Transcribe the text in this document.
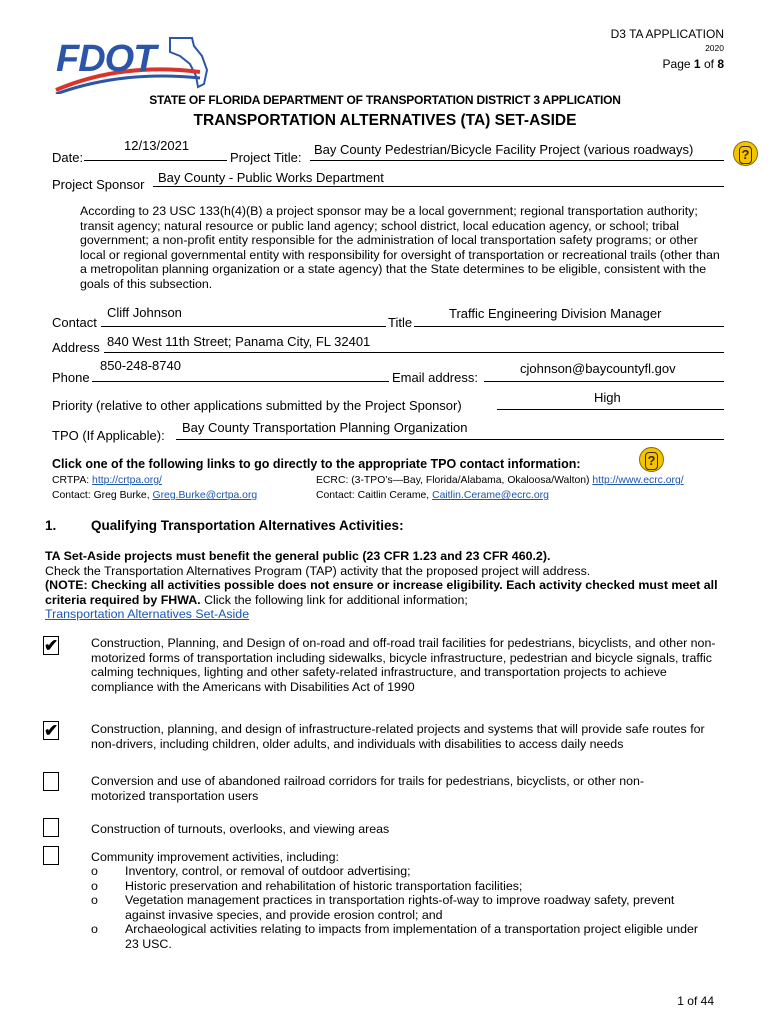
FDOT
D3 TA APPLICATION
2020
Page 1 of 8
STATE OF FLORIDA DEPARTMENT OF TRANSPORTATION DISTRICT 3 APPLICATION
TRANSPORTATION ALTERNATIVES (TA) SET-ASIDE
Date:
12/13/2021
Project Title:
Bay County Pedestrian/Bicycle Facility Project (various roadways)	?
Project Sponsor Bay County - Public Works Department
According to 23 USC 133(h(4)(B) a project sponsor may be a local government; regional transportation authority; transit agency; natural resource or public land agency; school district, local education agency, or school; tribal government; a non-profit entity responsible for the administration of local transportation safety programs; or other local or regional governmental entity with responsibility for oversight of transportation or recreational trails (other than a metropolitan planning organization or a state agency) that the State determines to be eligible, consistent with the goals of this subsection.
Contact
Cliff Johnson
Title
Traffic Engineering Division Manager
Address 840 West 11th Street; Panama City, FL 32401
Phone
850-248-8740
Email address:
cjohnson@baycountyfl.gov
Priority (relative to other applications submitted by the Project Sponsor)
High
TPO (If Applicable):
Bay County Transportation Planning Organization
Click one of the following links to go directly to the appropriate TPO contact information:	?
CRTPA: http://crtpa.org/
Contact: Greg Burke, Greg.Burke@crtpa.org
ECRC: (3-TPO’s—Bay, Florida/Alabama, Okaloosa/Walton) http://www.ecrc.org/
Contact: Caitlin Cerame, Caitlin.Cerame@ecrc.org
1.	Qualifying Transportation Alternatives Activities:
TA Set-Aside projects must benefit the general public (23 CFR 1.23 and 23 CFR 460.2).
Check the Transportation Alternatives Program (TAP) activity that the proposed project will address.
(NOTE: Checking all activities possible does not ensure or increase eligibility. Each activity checked must meet all criteria required by FHWA. Click the following link for additional information;
Transportation Alternatives Set-Aside
✔	Construction, Planning, and Design of on-road and off-road trail facilities for pedestrians, bicyclists, and other non-motorized forms of transportation including sidewalks, bicycle infrastructure, pedestrian and bicycle signals, traffic calming techniques, lighting and other safety-related infrastructure, and transportation projects to achieve compliance with the Americans with Disabilities Act of 1990
✔	Construction, planning, and design of infrastructure-related projects and systems that will provide safe routes for non-drivers, including children, older adults, and individuals with disabilities to access daily needs
Conversion and use of abandoned railroad corridors for trails for pedestrians, bicyclists, or other non-motorized transportation users
Construction of turnouts, overlooks, and viewing areas
Community improvement activities, including:
o Inventory, control, or removal of outdoor advertising;
o Historic preservation and rehabilitation of historic transportation facilities;
o Vegetation management practices in transportation rights-of-way to improve roadway safety, prevent against invasive species, and provide erosion control; and
o Archaeological activities relating to impacts from implementation of a transportation project eligible under 23 USC.
1 of 44
